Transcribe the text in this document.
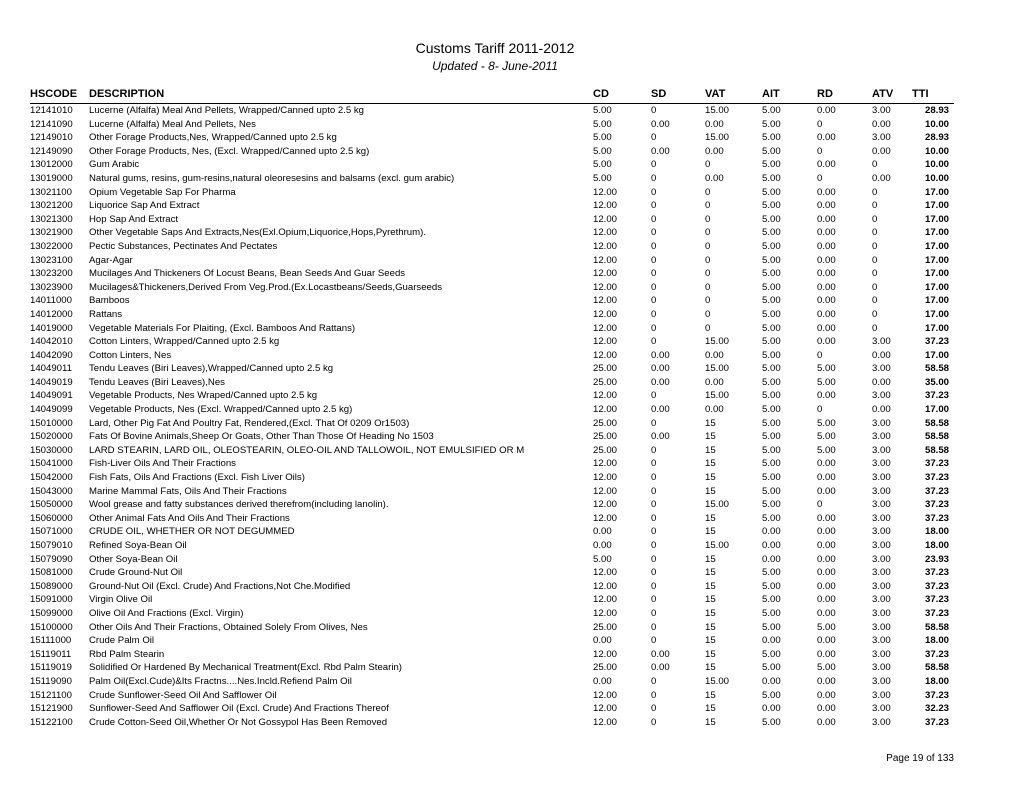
Customs Tariff 2011-2012
Updated - 8- June-2011
HSCODE	DESCRIPTION	CD	SD	VAT	AIT	RD	ATV	TTI
12141010	Lucerne (Alfalfa) Meal And Pellets, Wrapped/Canned upto 2.5 kg	5.00	0	15.00	5.00	0.00	3.00	28.93
12141090	Lucerne (Alfalfa) Meal And Pellets, Nes	5.00	0.00	0.00	5.00	0	0.00	10.00
12149010	Other Forage Products,Nes, Wrapped/Canned upto 2.5 kg	5.00	0	15.00	5.00	0.00	3.00	28.93
12149090	Other Forage Products, Nes, (Excl. Wrapped/Canned upto 2.5 kg)	5.00	0.00	0.00	5.00	0	0.00	10.00
13012000	Gum Arabic	5.00	0	0	5.00	0.00	0	10.00
13019000	Natural gums, resins, gum-resins,natural oleoresesins and balsams (excl. gum arabic)	5.00	0	0.00	5.00	0	0.00	10.00
13021100	Opium Vegetable Sap For Pharma	12.00	0	0	5.00	0.00	0	17.00
13021200	Liquorice Sap And Extract	12.00	0	0	5.00	0.00	0	17.00
13021300	Hop Sap And Extract	12.00	0	0	5.00	0.00	0	17.00
13021900	Other Vegetable Saps And Extracts,Nes(Exl.Opium,Liquorice,Hops,Pyrethrum).	12.00	0	0	5.00	0.00	0	17.00
13022000	Pectic Substances, Pectinates And Pectates	12.00	0	0	5.00	0.00	0	17.00
13023100	Agar-Agar	12.00	0	0	5.00	0.00	0	17.00
13023200	Mucilages And Thickeners Of Locust Beans, Bean Seeds And Guar Seeds	12.00	0	0	5.00	0.00	0	17.00
13023900	Mucilages&Thickeners,Derived From Veg.Prod.(Ex.Locastbeans/Seeds,Guarseeds	12.00	0	0	5.00	0.00	0	17.00
14011000	Bamboos	12.00	0	0	5.00	0.00	0	17.00
14012000	Rattans	12.00	0	0	5.00	0.00	0	17.00
14019000	Vegetable Materials For Plaiting, (Excl. Bamboos And Rattans)	12.00	0	0	5.00	0.00	0	17.00
14042010	Cotton Linters, Wrapped/Canned upto 2.5 kg	12.00	0	15.00	5.00	0.00	3.00	37.23
14042090	Cotton Linters, Nes	12.00	0.00	0.00	5.00	0	0.00	17.00
14049011	Tendu Leaves (Biri Leaves),Wrapped/Canned upto 2.5 kg	25.00	0.00	15.00	5.00	5.00	3.00	58.58
14049019	Tendu Leaves (Biri Leaves),Nes	25.00	0.00	0.00	5.00	5.00	0.00	35.00
14049091	Vegetable Products, Nes Wraped/Canned upto 2.5 kg	12.00	0	15.00	5.00	0.00	3.00	37.23
14049099	Vegetable Products, Nes (Excl. Wrapped/Canned upto 2.5 kg)	12.00	0.00	0.00	5.00	0	0.00	17.00
15010000	Lard, Other Pig Fat And Poultry Fat, Rendered,(Excl. That Of 0209 Or1503)	25.00	0	15	5.00	5.00	3.00	58.58
15020000	Fats Of Bovine Animals,Sheep Or Goats, Other Than Those Of Heading No 1503	25.00	0.00	15	5.00	5.00	3.00	58.58
15030000	LARD STEARIN, LARD OIL, OLEOSTEARIN, OLEO-OIL AND TALLOWOIL, NOT EMULSIFIED OR M	25.00	0	15	5.00	5.00	3.00	58.58
15041000	Fish-Liver Oils And Their Fractions	12.00	0	15	5.00	0.00	3.00	37.23
15042000	Fish Fats, Oils And Fractions (Excl. Fish Liver Oils)	12.00	0	15	5.00	0.00	3.00	37.23
15043000	Marine Mammal Fats, Oils And Their Fractions	12.00	0	15	5.00	0.00	3.00	37.23
15050000	Wool grease and fatty substances derived therefrom(including lanolin).	12.00	0	15.00	5.00	0	3.00	37.23
15060000	Other Animal Fats And Oils And Their Fractions	12.00	0	15	5.00	0.00	3.00	37.23
15071000	CRUDE OIL, WHETHER OR NOT DEGUMMED	0.00	0	15	0.00	0.00	3.00	18.00
15079010	Refined Soya-Bean Oil	0.00	0	15.00	0.00	0.00	3.00	18.00
15079090	Other Soya-Bean Oil	5.00	0	15	0.00	0.00	3.00	23.93
15081000	Crude Ground-Nut Oil	12.00	0	15	5.00	0.00	3.00	37.23
15089000	Ground-Nut Oil (Excl. Crude) And Fractions,Not Che.Modified	12.00	0	15	5.00	0.00	3.00	37.23
15091000	Virgin Olive Oil	12.00	0	15	5.00	0.00	3.00	37.23
15099000	Olive Oil And Fractions (Excl. Virgin)	12.00	0	15	5.00	0.00	3.00	37.23
15100000	Other Oils And Their Fractions, Obtained Solely From Olives, Nes	25.00	0	15	5.00	5.00	3.00	58.58
15111000	Crude Palm Oil	0.00	0	15	0.00	0.00	3.00	18.00
15119011	Rbd Palm Stearin	12.00	0.00	15	5.00	0.00	3.00	37.23
15119019	Solidified Or Hardened By Mechanical Treatment(Excl. Rbd Palm Stearin)	25.00	0.00	15	5.00	5.00	3.00	58.58
15119090	Palm Oil(Excl.Cude)&Its Fractns....Nes.Incld.Refiend Palm Oil	0.00	0	15.00	0.00	0.00	3.00	18.00
15121100	Crude Sunflower-Seed Oil And Safflower Oil	12.00	0	15	5.00	0.00	3.00	37.23
15121900	Sunflower-Seed And Safflower Oil (Excl. Crude) And Fractions Thereof	12.00	0	15	0.00	0.00	3.00	32.23
15122100	Crude Cotton-Seed Oil,Whether Or Not Gossypol Has Been Removed	12.00	0	15	5.00	0.00	3.00	37.23
Page 19 of 133
